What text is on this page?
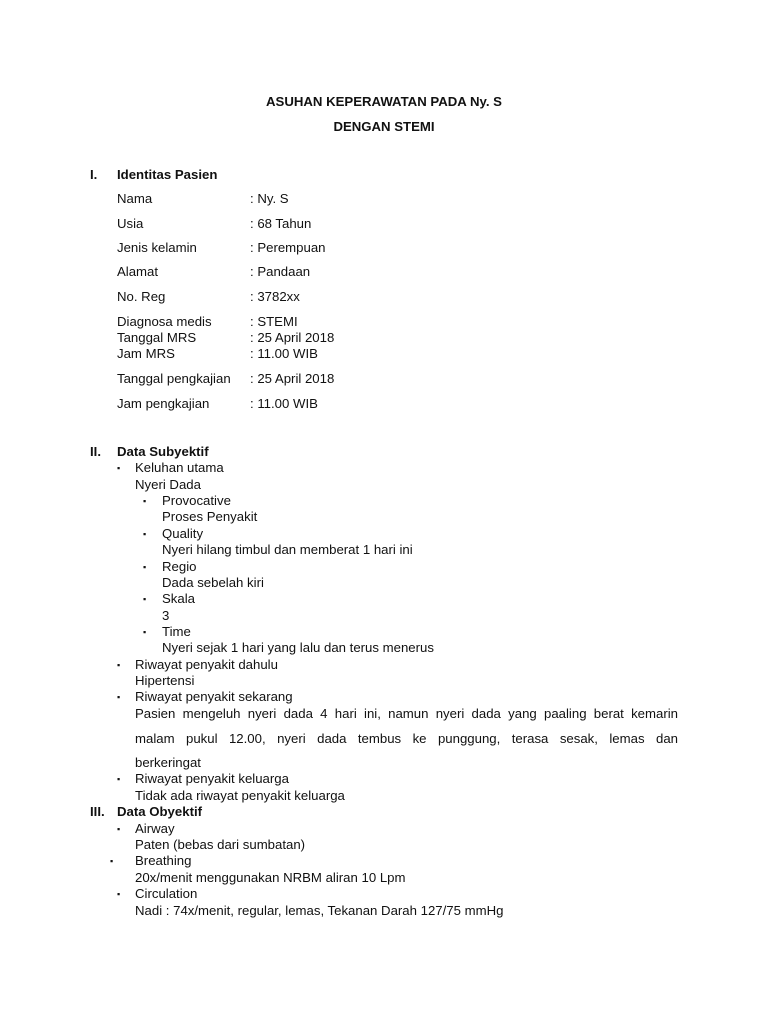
ASUHAN KEPERAWATAN PADA Ny. S
DENGAN STEMI
I. Identitas Pasien
Nama	: Ny. S
Usia	: 68 Tahun
Jenis kelamin	: Perempuan
Alamat	: Pandaan
No. Reg	: 3782xx
Diagnosa medis	: STEMI
Tanggal MRS	: 25 April 2018
Jam MRS	: 11.00 WIB
Tanggal pengkajian : 25 April 2018
Jam pengkajian	: 11.00 WIB
II. Data Subyektif
▪ Keluhan utama
Nyeri Dada
▪ Provocative
Proses Penyakit
▪ Quality
Nyeri hilang timbul dan memberat 1 hari ini
▪ Regio
Dada sebelah kiri
▪ Skala
3
▪ Time
Nyeri sejak 1 hari yang lalu dan terus menerus
▪ Riwayat penyakit dahulu
Hipertensi
▪ Riwayat penyakit sekarang
Pasien mengeluh nyeri dada 4 hari ini, namun nyeri dada yang paaling berat kemarin
malam pukul 12.00, nyeri dada tembus ke punggung, terasa sesak, lemas dan
berkeringat
▪ Riwayat penyakit keluarga
Tidak ada riwayat penyakit keluarga
III. Data Obyektif
▪ Airway
Paten (bebas dari sumbatan)
▪ Breathing
20x/menit menggunakan NRBM aliran 10 Lpm
▪ Circulation
Nadi : 74x/menit, regular, lemas, Tekanan Darah 127/75 mmHg
